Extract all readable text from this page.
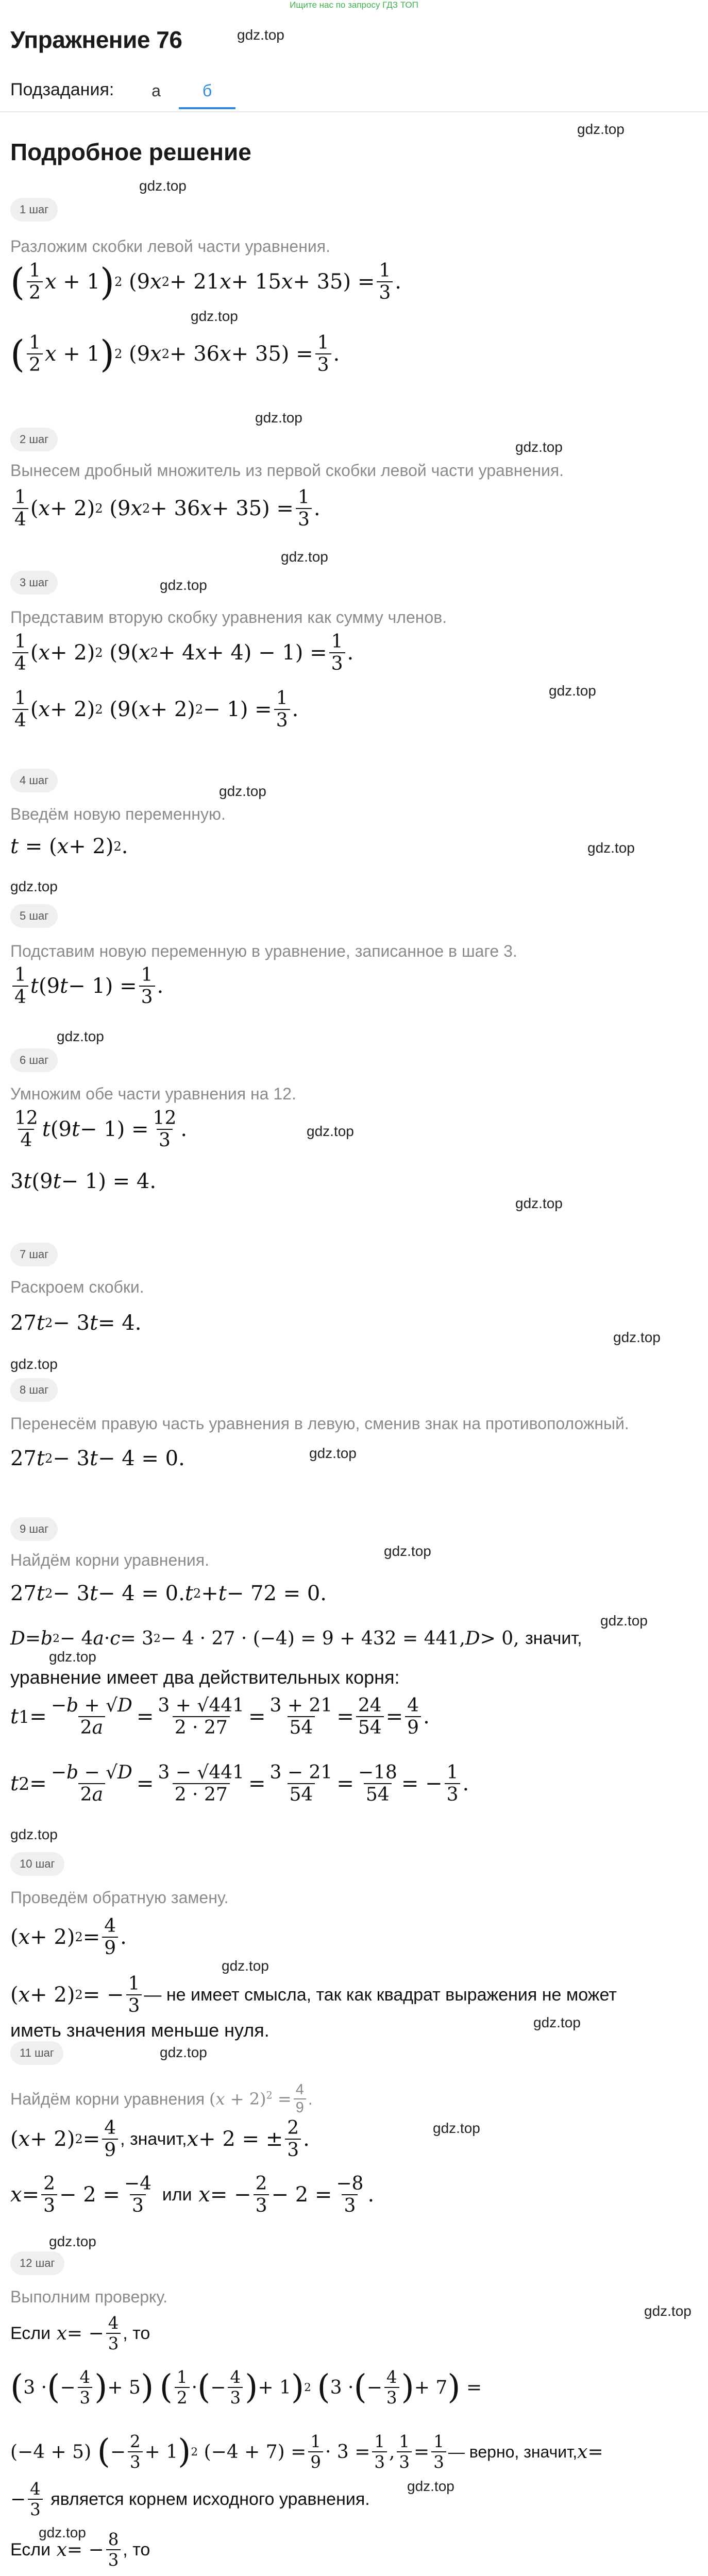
Ищите нас по запросу ГДЗ ТОП
Упражнение 76	gdz.top
Подзадания:	а	б
gdz.top
Подробное решение
1 шаг
gdz.top
Разложим скобки левой части уравнения.
( $\frac{1}{2}$ x + 1 ) 2 (9 x 2 + 21 x + 15 $x + 35) = \frac{1}{3}$ .
gdz.top
( $\frac{1}{2}$ x + 1 ) 2 (9 x 2 + 36 $x + 35) = \frac{1}{3}$ .
gdz.top
2 шаг	gdz.top
Вынесем дробный множитель из первой скобки левой части уравнения.
$\frac{1}{4}$ ( x + 2) 2 (9 x 2 + 36 $x + 35) = \frac{1}{3}$ .
gdz.top
3 шаг	gdz.top
Представим вторую скобку уравнения как сумму членов.
$\frac{1}{4}$ ( x + 2) 2 (9( x 2 + 4 $x + 4) - 1) = \frac{1}{3}$ .
gdz.top
$\frac{1}{4}$ ( x + 2) 2 (9( x + 2) $2 - 1) = \frac{1}{3}$ .
4 шаг
gdz.top
Введём новую переменную.
t = ( x + 2) 2 .	gdz.top
gdz.top
5 шаг
Подставим новую переменную в уравнение, записанное в шаге 3.
$\frac{1}{4}$ t (9 $t - 1) = \frac{1}{3}$ .
gdz.top
6 шаг
Умножим обе части уравнения на 12.
gdz.top
$\frac{12}{4}$ t (9 $t - 1) = \frac{12}{3}$ .
3 t (9 t − 1) = 4.
gdz.top
7 шаг
Раскроем скобки.
27 t 2 − 3 t = 4.
gdz.top
gdz.top
8 шаг
Перенесём правую часть уравнения в левую, сменив знак на противоположный.
gdz.top
27 t 2 − 3 t − 4 = 0.
gdz.top
9 шаг
Найдём корни уравнения.
27 t 2 − 3 t − 4 = 0. t 2 + t − 72 = 0.
gdz.top
D = b 2 − 4 a · c = 3 2 − 4 · 27 · (−4) = 9 + 432 = 441, D > 0, значит,
уравнение имеет два действительных корня:
gdz.top
t $1 = \frac{-b + √D}{2a} = \frac{3 + √441}{2 \cdot 27} = \frac{3 + 21}{54} = \frac{24}{54} = \frac{4}{9}$ .
t $2 = \frac{-b - √D}{2a} = \frac{3 - √441}{2 \cdot 27} = \frac{3 - 21}{54} = \frac{-18}{54}$ = − $\frac{1}{3}$ .
gdz.top
10 шаг
Проведём обратную замену.
( x + 2) $2 = \frac{4}{9}$ .
gdz.top
( x + 2) 2 = − $\frac{1}{3}$ — не имеет смысла, так как квадрат выражения не может
иметь значения меньше нуля.	gdz.top
11 шаг	gdz.top
Найдём корни уравнения
$(x + 2)^2 = \frac{4}{9}$ .
gdz.top
( x + 2) $2 = \frac{4}{9}$ , значит, x + 2 = ± $\frac{2}{3}$ .
$x = \frac{2}{3} - 2 = \frac{-4}{3}$
или
x = − $\frac{2}{3} - 2 = \frac{-8}{3}$ .
gdz.top
12 шаг
Выполним проверку.
gdz.top
Если
x = − $\frac{4}{3}$ , то
( 3 · ( − $\frac{4}{3}$ ) + 5 )
( $\frac{1}{2}$ · ( − $\frac{4}{3}$ ) + 1 ) 2
( 3 · ( − $\frac{4}{3}$ ) + 7 ) =
(−4 + 5) ( − $\frac{2}{3} + 1$ ) 2 $(-4 + 7) = \frac{1}{9} \cdot 3 = \frac{1}{3}$ , $\frac{1}{3} = \frac{1}{3}$ — верно, значит, x =
gdz.top
− $\frac{4}{3}$
является корнем исходного уравнения.
gdz.top
Если
x = − $\frac{8}{3}$ , то
